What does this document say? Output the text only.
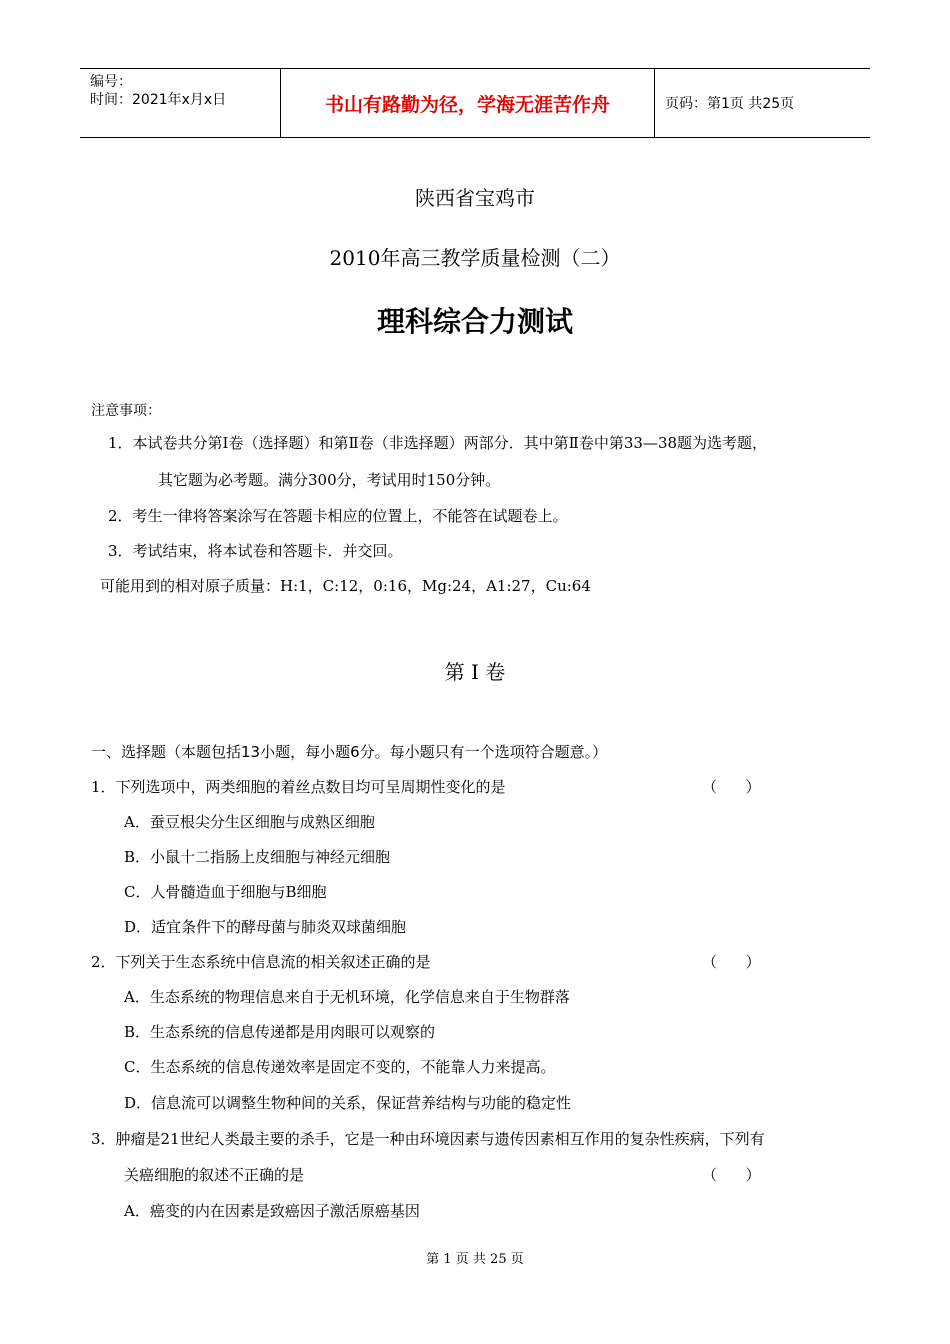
编号：
时间：2021年x月x日	书山有路勤为径，学海无涯苦作舟	页码：第1页 共25页
陕西省宝鸡市
2010年高三教学质量检测（二）
理科综合力测试
注意事项：
1．本试卷共分第Ⅰ卷（选择题）和第Ⅱ卷（非选择题）两部分．其中第Ⅱ卷中第33—38题为选考题，
其它题为必考题。满分300分，考试用时150分钟。
2．考生一律将答案涂写在答题卡相应的位置上，不能答在试题卷上。
3．考试结束，将本试卷和答题卡．并交回。
可能用到的相对原子质量：H:1，C:12，0:16，Mg:24，A1:27，Cu:64
第 Ⅰ 卷
一、选择题（本题包括13小题，每小题6分。每小题只有一个选项符合题意。）
1．下列选项中，两类细胞的着丝点数目均可呈周期性变化的是	（      ）
A．蚕豆根尖分生区细胞与成熟区细胞
B．小鼠十二指肠上皮细胞与神经元细胞
C．人骨髓造血于细胞与B细胞
D．适宜条件下的酵母菌与肺炎双球菌细胞
2．下列关于生态系统中信息流的相关叙述正确的是	（      ）
A．生态系统的物理信息来自于无机环境，化学信息来自于生物群落
B．生态系统的信息传递都是用肉眼可以观察的
C．生态系统的信息传递效率是固定不变的，不能靠人力来提高。
D．信息流可以调整生物种间的关系，保证营养结构与功能的稳定性
3．肿瘤是21世纪人类最主要的杀手，它是一种由环境因素与遗传因素相互作用的复杂性疾病，下列有
关癌细胞的叙述不正确的是	（      ）
A．癌变的内在因素是致癌因子激活原癌基因
第 1 页 共 25 页
